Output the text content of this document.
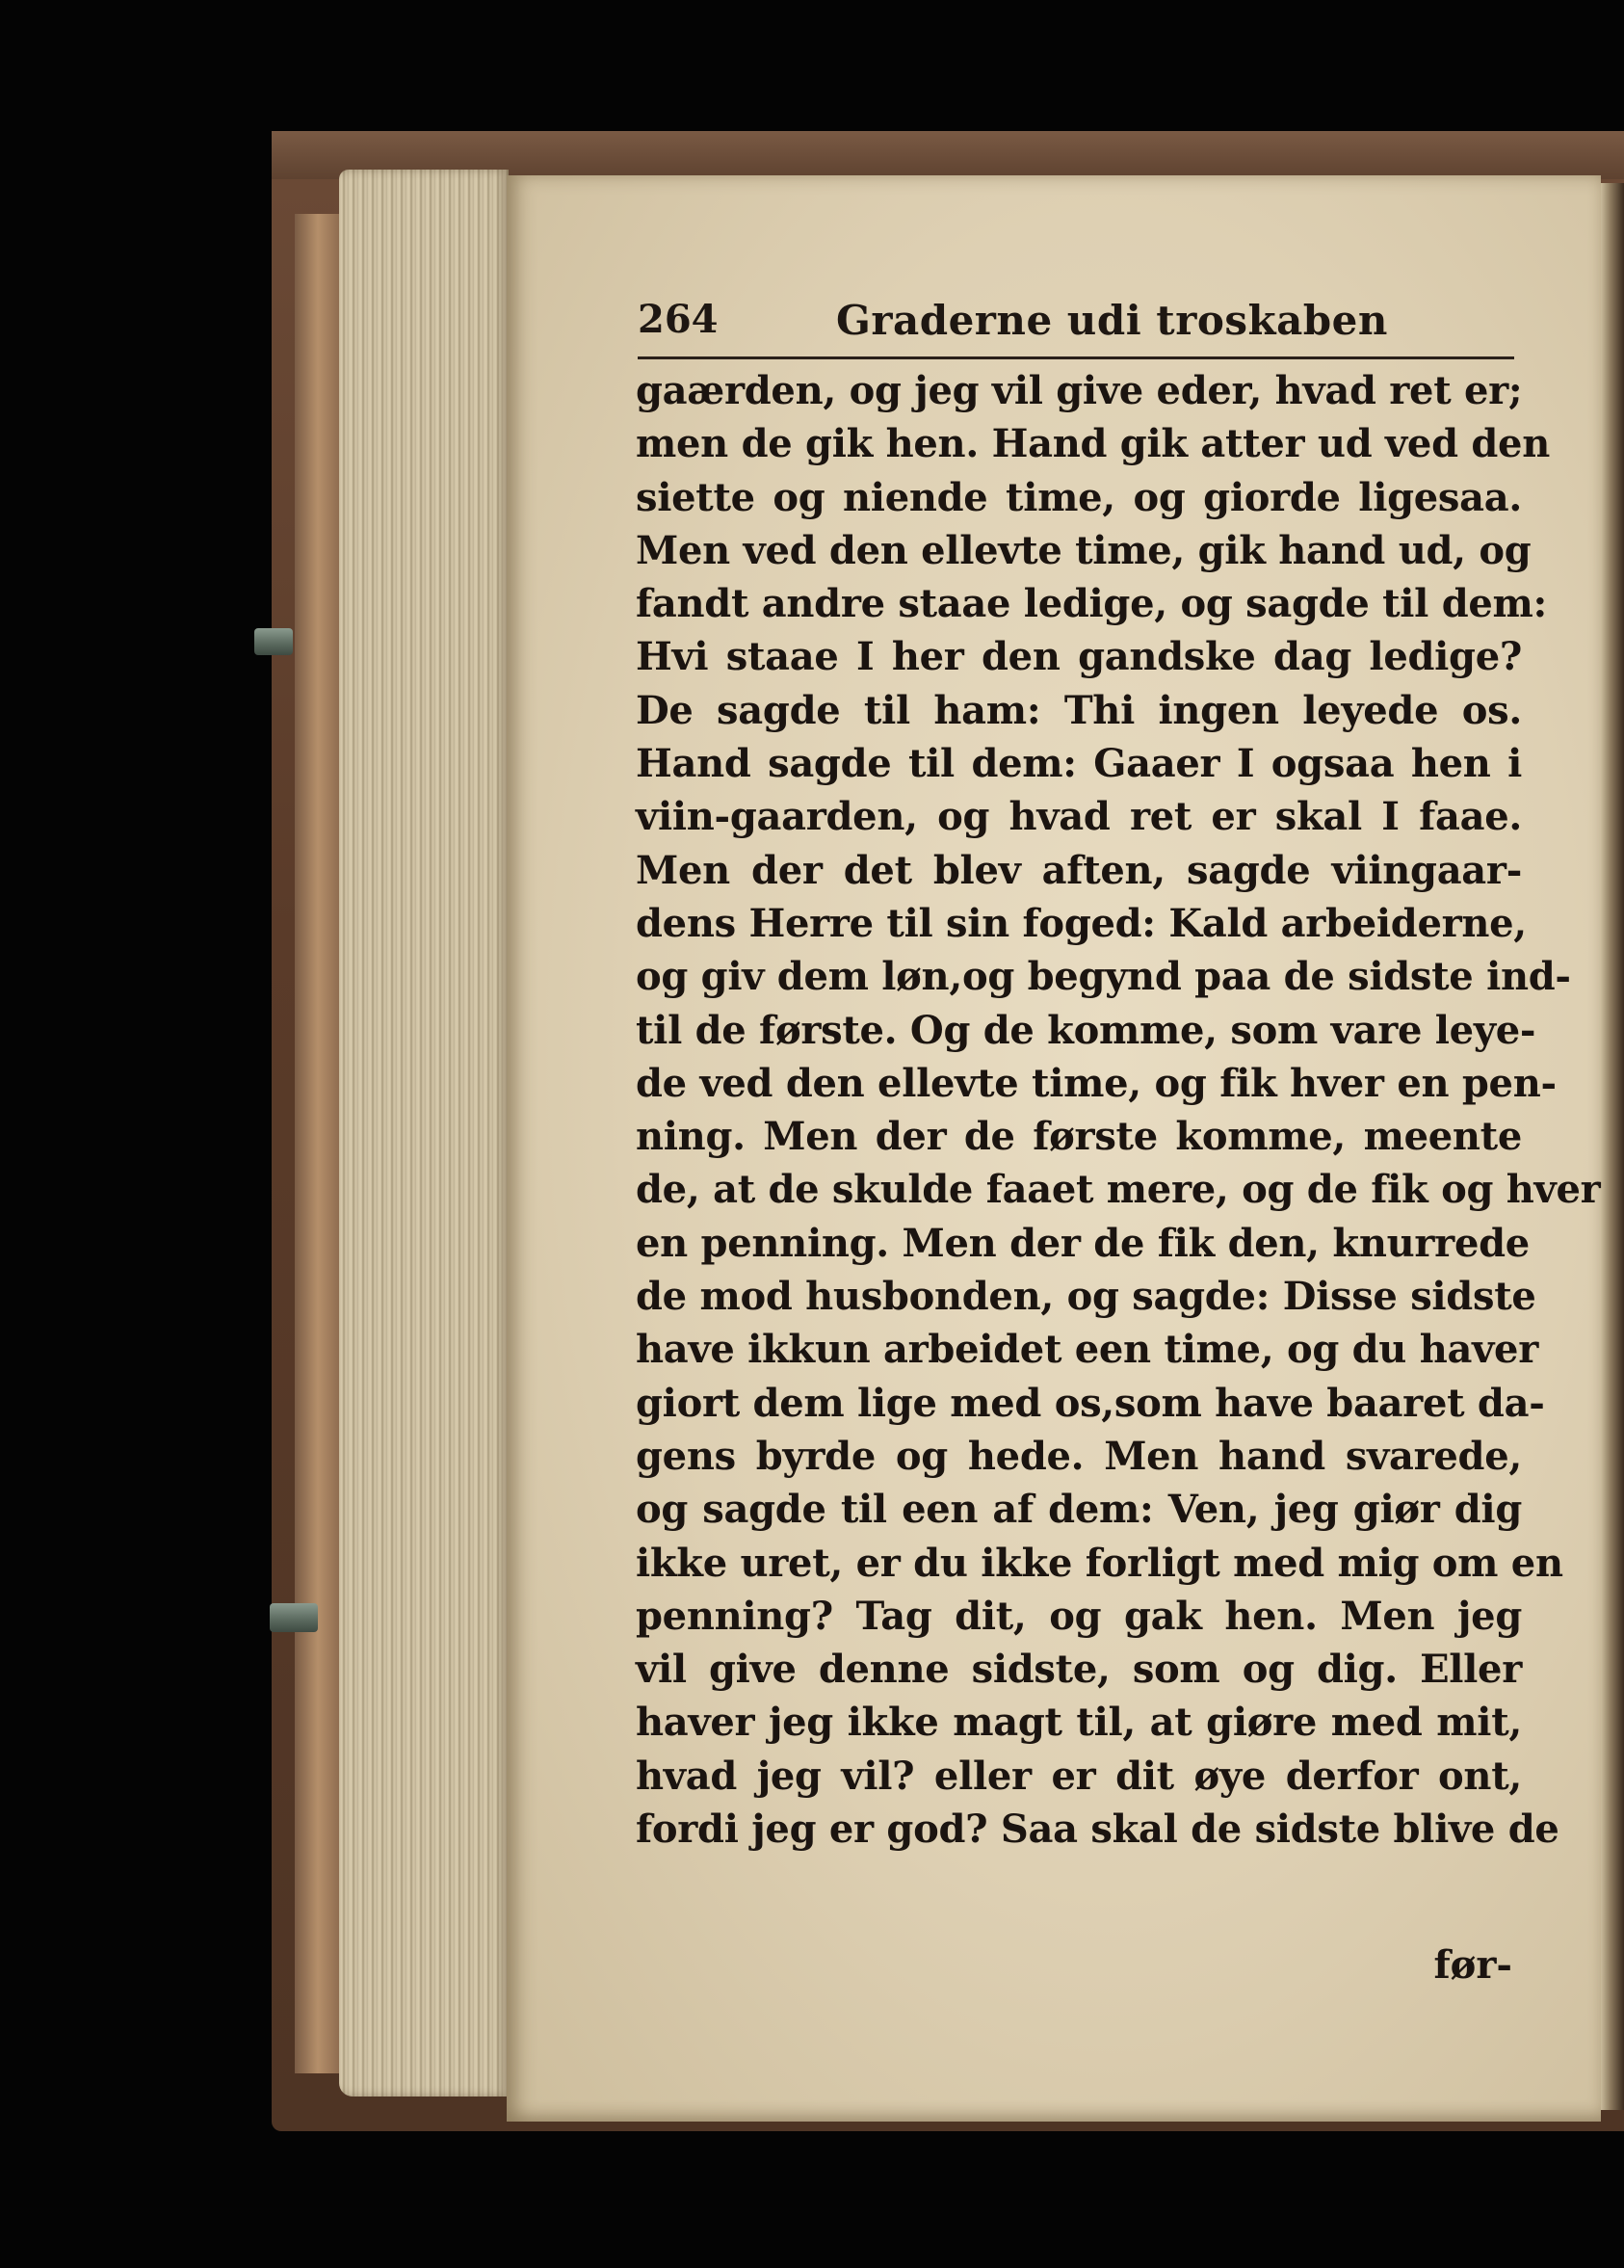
264	Graderne udi troskaben
gaærden, og jeg vil give eder, hvad ret er;
men de gik hen. Hand gik atter ud ved den
siette og niende time, og giorde ligesaa.
Men ved den ellevte time, gik hand ud, og
fandt andre staae ledige, og sagde til dem:
Hvi staae I her den gandske dag ledige?
De sagde til ham: Thi ingen leyede os.
Hand sagde til dem: Gaaer I ogsaa hen i
viin-gaarden, og hvad ret er skal I faae.
Men der det blev aften, sagde viingaar-
dens Herre til sin foged: Kald arbeiderne,
og giv dem løn,og begynd paa de sidste ind-
til de første. Og de komme, som vare leye-
de ved den ellevte time, og fik hver en pen-
ning. Men der de første komme, meente
de, at de skulde faaet mere, og de fik og hver
en penning. Men der de fik den, knurrede
de mod husbonden, og sagde: Disse sidste
have ikkun arbeidet een time, og du haver
giort dem lige med os,som have baaret da-
gens byrde og hede. Men hand svarede,
og sagde til een af dem: Ven, jeg giør dig
ikke uret, er du ikke forligt med mig om en
penning? Tag dit, og gak hen. Men jeg
vil give denne sidste, som og dig. Eller
haver jeg ikke magt til, at giøre med mit,
hvad jeg vil? eller er dit øye derfor ont,
fordi jeg er god? Saa skal de sidste blive de
før-
